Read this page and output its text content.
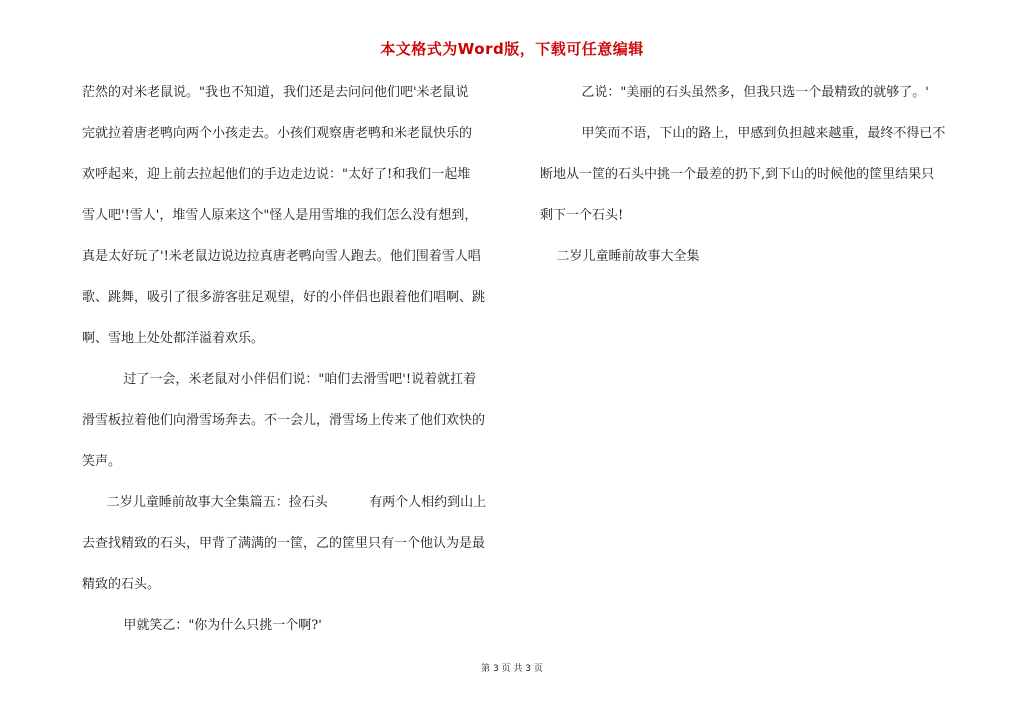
本文格式为Word版，下载可任意编辑
茫然的对米老鼠说。"我也不知道，我们还是去问问他们吧'米老鼠说
完就拉着唐老鸭向两个小孩走去。小孩们观察唐老鸭和米老鼠快乐的
欢呼起来，迎上前去拉起他们的手边走边说："太好了!和我们一起堆
雪人吧'!雪人'，堆雪人原来这个"怪人是用雪堆的我们怎么没有想到，
真是太好玩了'!米老鼠边说边拉真唐老鸭向雪人跑去。他们围着雪人唱
歌、跳舞，吸引了很多游客驻足观望，好的小伴侣也跟着他们唱啊、跳
啊、雪地上处处都洋溢着欢乐。
过了一会，米老鼠对小伴侣们说："咱们去滑雪吧'!说着就扛着
滑雪板拉着他们向滑雪场奔去。不一会儿，滑雪场上传来了他们欢快的
笑声。
二岁儿童睡前故事大全集篇五：捡石头          有两个人相约到山上
去查找精致的石头，甲背了满满的一筐，乙的筐里只有一个他认为是最
精致的石头。
甲就笑乙："你为什么只挑一个啊?'
乙说："美丽的石头虽然多，但我只选一个最精致的就够了。'
甲笑而不语，下山的路上，甲感到负担越来越重，最终不得已不
断地从一筐的石头中挑一个最差的扔下,到下山的时候他的筐里结果只
剩下一个石头!
二岁儿童睡前故事大全集
第 3 页 共 3 页
